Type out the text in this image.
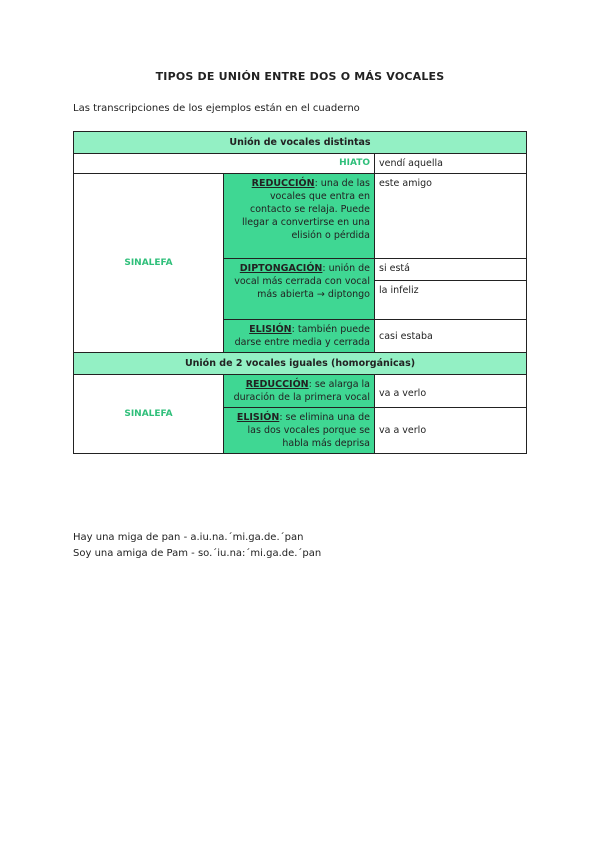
TIPOS DE UNIÓN ENTRE DOS O MÁS VOCALES
Las transcripciones de los ejemplos están en el cuaderno
Unión de vocales distintas		
HIATO		vendí aquella
SINALEFA	REDUCCIÓN: una de las vocales que entra en contacto se relaja. Puede llegar a convertirse en una elisión o pérdida	este amigo
	DIPTONGACIÓN: unión de vocal más cerrada con vocal más abierta → diptongo	si está
		la infeliz
	ELISIÓN: también puede darse entre media y cerrada	casi estaba
Unión de 2 vocales iguales (homorgánicas)		
SINALEFA	REDUCCIÓN: se alarga la duración de la primera vocal	va a verlo
	ELISIÓN: se elimina una de las dos vocales porque se habla más deprisa	va a verlo
Hay una miga de pan - a.iu.na.´mi.ga.de.´pan
Soy una amiga de Pam - so.´iu.na:´mi.ga.de.´pan
